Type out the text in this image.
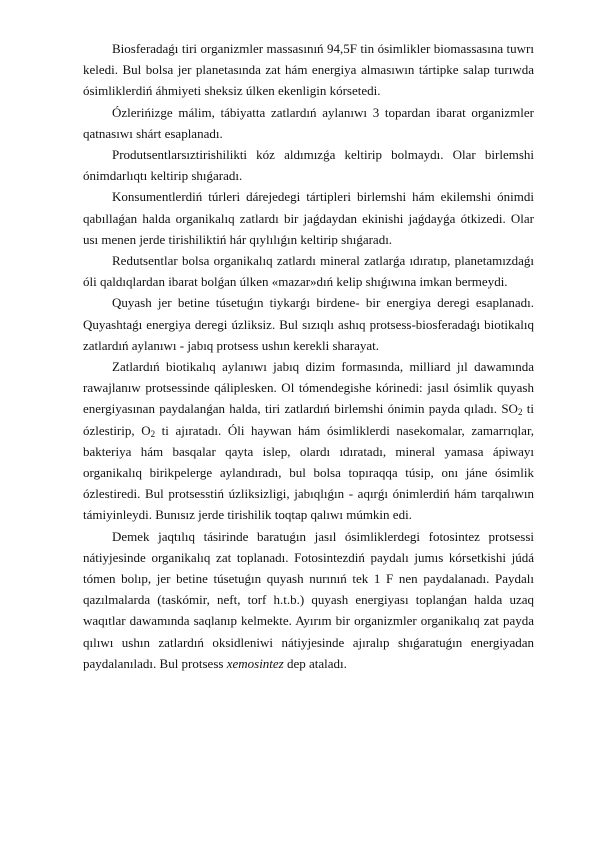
Biosferadaǵı tiri organizmler massasınıń 94,5F tin ósimlikler biomassasına tuwrı keledi. Bul bolsa jer planetasında zat hám energiya almasıwın tártipke salap turıwda ósimliklerdiń áhmiyeti sheksiz úlken ekenligin kórsetedi.

Ózlerińizge málim, tábiyatta zatlardıń aylanıwı 3 topardan ibarat organizmler qatnasıwı shárt esaplanadı.

Produtsentlarsıztirishilikti kóz aldımızǵa keltirip bolmaydı. Olar birlemshi ónimdarlıqtı keltirip shıǵaradı.

Konsumentlerdiń túrleri dárejedegi tártipleri birlemshi hám ekilemshi ónimdi qabıllaǵan halda organikalıq zatlardı bir jaǵdaydan ekinishi jaǵdayǵa ótkizedi. Olar usı menen jerde tirishiliktiń hár qıylılıǵın keltirip shıǵaradı.

Redutsentlar bolsa organikalıq zatlardı mineral zatlarǵa ıdıratıp, planetamızdaǵı óli qaldıqlardan ibarat bolǵan úlken «mazar»dıń kelip shıǵıwına imkan bermeydi.

Quyash jer betine túsetuǵın tiykarǵı birdene- bir energiya deregi esaplanadı. Quyashtaǵı energiya deregi úzliksiz. Bul sızıqlı ashıq protsess-biosferadaǵı biotikalıq zatlardıń aylanıwı - jabıq protsess ushın kerekli sharayat.

Zatlardıń biotikalıq aylanıwı jabıq dizim formasında, milliard jıl dawamında rawajlanıw protsessinde qáliplesken. Ol tómendegishe kórinedi: jasıl ósimlik quyash energiyasınan paydalanǵan halda, tiri zatlardıń birlemshi ónimin payda qıladı. $SO_2$ ti ózlestirip, $O_2$ ti ajıratadı. Óli haywan hám ósimliklerdi nasekomalar, zamarrıqlar, bakteriya hám basqalar qayta islep, olardı ıdıratadı, mineral yamasa ápiwayı organikalıq birikpelerge aylandıradı, bul bolsa topıraqqa túsip, onı jáne ósimlik ózlestiredi. Bul protsesstiń úzliksizligi, jabıqlıǵın - aqırǵı ónimlerdiń hám tarqalıwın támiyinleydi. Bunısız jerde tirishilik toqtap qalıwı múmkin edi.

Demek jaqtılıq tásirinde baratuǵın jasıl ósimliklerdegi fotosintez protsessi nátiyjesinde organikalıq zat toplanadı. Fotosintezdiń paydalı jumıs kórsetkishi júdá tómen bolıp, jer betine túsetuǵın quyash nurınıń tek 1 F nen paydalanadı. Paydalı qazılmalarda (taskómir, neft, torf h.t.b.) quyash energiyası toplanǵan halda uzaq waqıtlar dawamında saqlanıp kelmekte. Ayırım bir organizmler organikalıq zat payda qılıwı ushın zatlardıń oksidleniwi nátiyjesinde ajıralıp shıǵaratuǵın energiyadan paydalanıladı. Bul protsess xemosintez dep ataladı.
